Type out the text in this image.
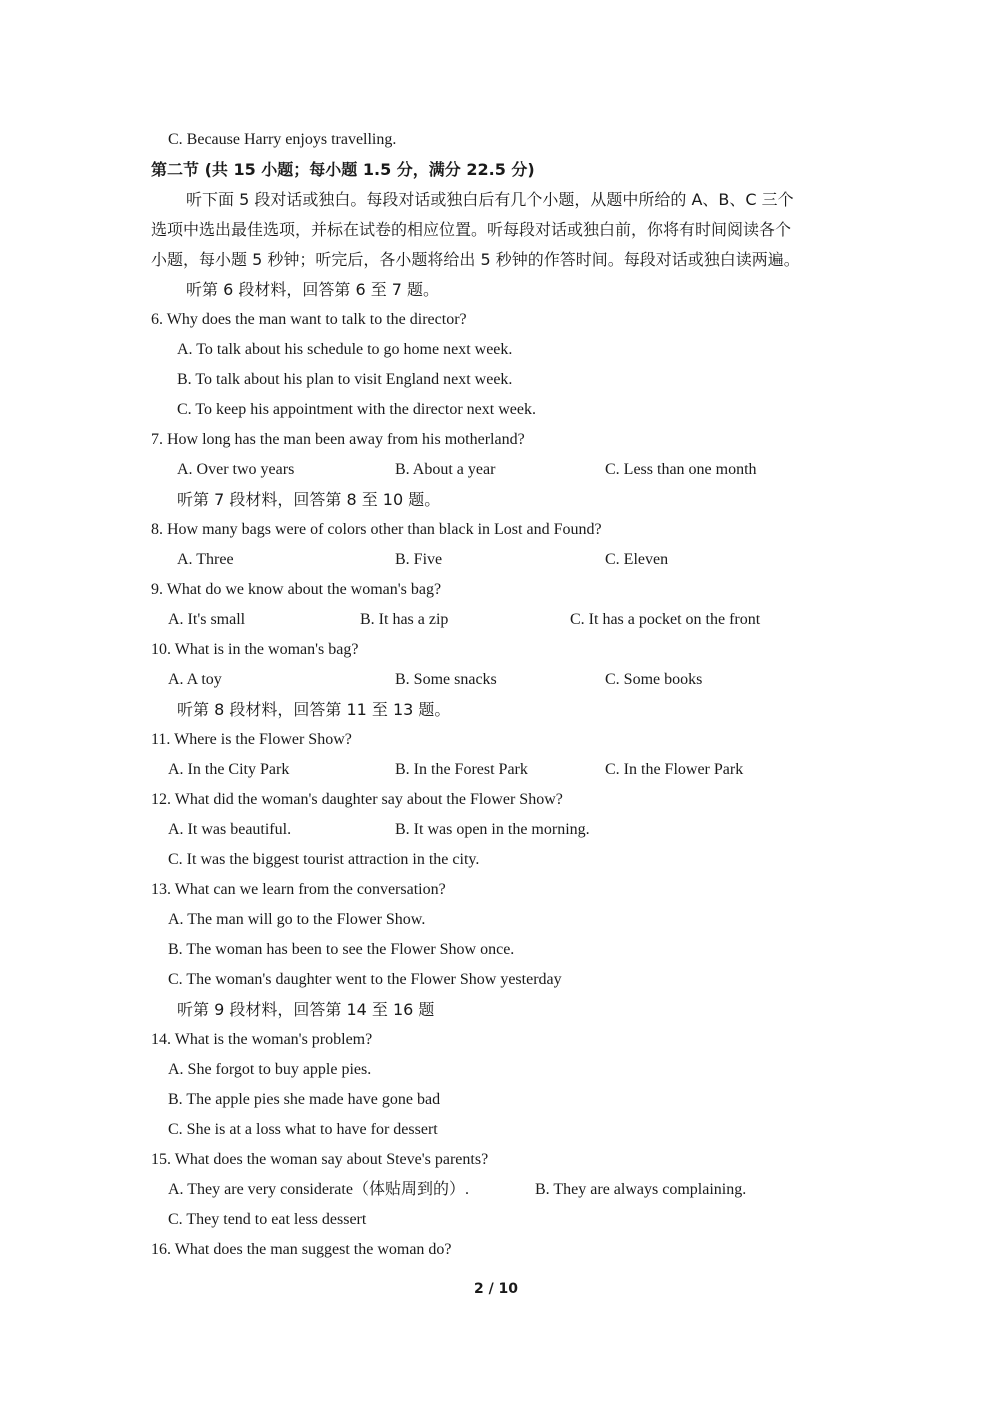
C. Because Harry enjoys travelling.
第二节 (共 15 小题；每小题 1.5 分，满分 22.5 分)
听下面 5 段对话或独白。每段对话或独白后有几个小题，从题中所给的 A、B、C 三个
选项中选出最佳选项，并标在试卷的相应位置。听每段对话或独白前，你将有时间阅读各个
小题，每小题 5 秒钟；听完后，各小题将给出 5 秒钟的作答时间。每段对话或独白读两遍。
听第 6 段材料，回答第 6 至 7 题。
6. Why does the man want to talk to the director?
A. To talk about his schedule to go home next week.
B. To talk about his plan to visit England next week.
C. To keep his appointment with the director next week.
7. How long has the man been away from his motherland?
A. Over two years	B. About a year	C. Less than one month
听第 7 段材料，回答第 8 至 10 题。
8. How many bags were of colors other than black in Lost and Found?
A. Three	B. Five	C. Eleven
9. What do we know about the woman's bag?
A. It's small	B. It has a zip	C. It has a pocket on the front
10. What is in the woman's bag?
A. A toy	B. Some snacks	C. Some books
听第 8 段材料，回答第 11 至 13 题。
11. Where is the Flower Show?
A. In the City Park	B. In the Forest Park	C. In the Flower Park
12. What did the woman's daughter say about the Flower Show?
A. It was beautiful.	B. It was open in the morning.
C. It was the biggest tourist attraction in the city.
13. What can we learn from the conversation?
A. The man will go to the Flower Show.
B. The woman has been to see the Flower Show once.
C. The woman's daughter went to the Flower Show yesterday
听第 9 段材料，回答第 14 至 16 题
14. What is the woman's problem?
A. She forgot to buy apple pies.
B. The apple pies she made have gone bad
C. She is at a loss what to have for dessert
15. What does the woman say about Steve's parents?
A. They are very considerate（体贴周到的）.	B. They are always complaining.
C. They tend to eat less dessert
16. What does the man suggest the woman do?
2 / 10
